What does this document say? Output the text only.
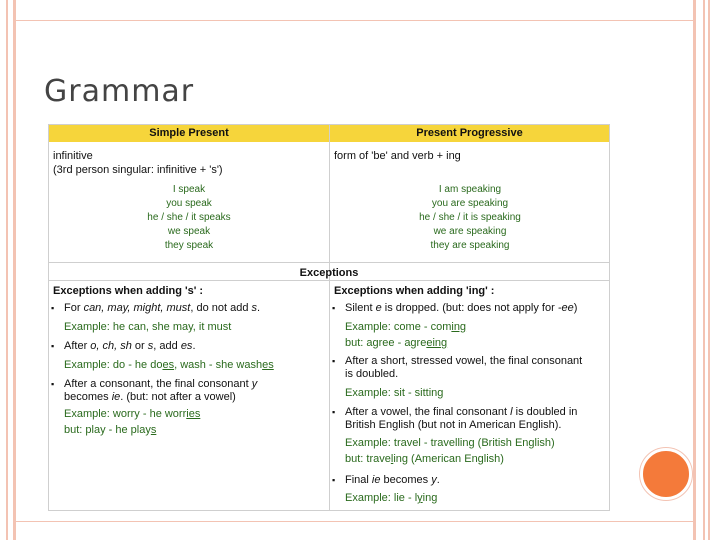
Grammar
Simple Present	Present Progressive
infinitive
(3rd person singular: infinitive + 's')
I speak
you speak
he / she / it speaks
we speak
they speak
form of 'be' and verb + ing
I am speaking
you are speaking
he / she / it is speaking
we are speaking
they are speaking
Exceptions
Exceptions when adding 's' :	Exceptions when adding 'ing' :
▪ For can, may, might, must, do not add s.
Example: he can, she may, it must
▪ After o, ch, sh or s, add es.
Example: do - he does, wash - she washes
▪ After a consonant, the final consonant y
becomes ie. (but: not after a vowel)
Example: worry - he worries
but: play - he plays
▪ Silent e is dropped. (but: does not apply for -ee)
Example: come - coming
but: agree - agreeing
▪ After a short, stressed vowel, the final consonant
is doubled.
Example: sit - sitting
▪ After a vowel, the final consonant l is doubled in
British English (but not in American English).
Example: travel - travelling (British English)
but: traveling (American English)
▪ Final ie becomes y.
Example: lie - lying
